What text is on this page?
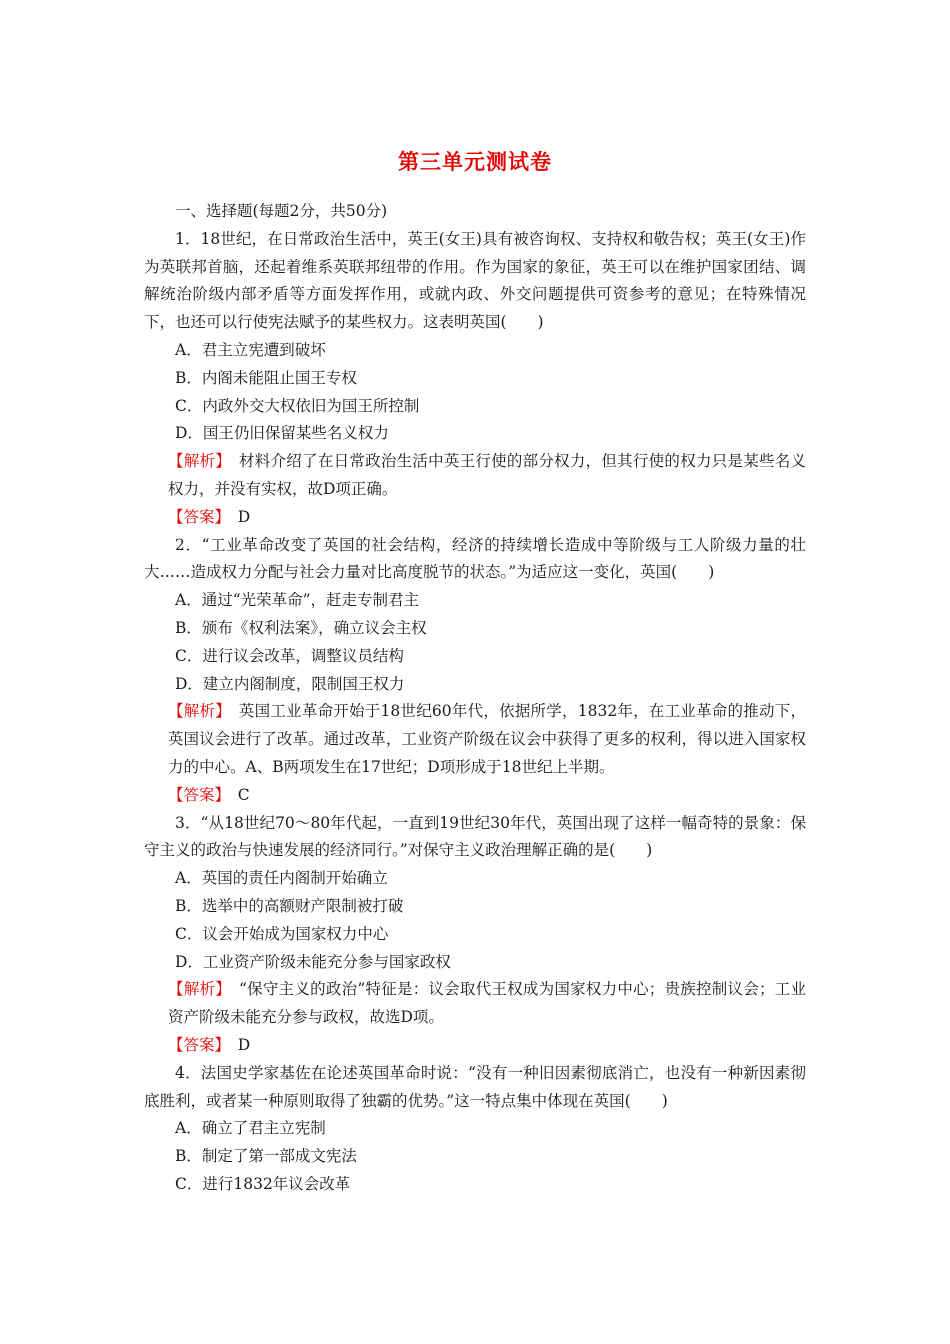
第三单元测试卷

一、选择题(每题2分，共50分)

1．18世纪，在日常政治生活中，英王(女王)具有被咨询权、支持权和敬告权；英王(女王)作为英联邦首脑，还起着维系英联邦纽带的作用。作为国家的象征，英王可以在维护国家团结、调解统治阶级内部矛盾等方面发挥作用，或就内政、外交问题提供可资参考的意见；在特殊情况下，也还可以行使宪法赋予的某些权力。这表明英国(　　)

A．君主立宪遭到破坏

B．内阁未能阻止国王专权

C．内政外交大权依旧为国王所控制

D．国王仍旧保留某些名义权力

【解析】　 材料介绍了在日常政治生活中英王行使的部分权力，但其行使的权力只是某些名义权力，并没有实权，故D项正确。

【答案】　 D

2．“工业革命改变了英国的社会结构，经济的持续增长造成中等阶级与工人阶级力量的壮大……造成权力分配与社会力量对比高度脱节的状态。”为适应这一变化，英国(　　)

A．通过“光荣革命”，赶走专制君主

B．颁布《权利法案》，确立议会主权

C．进行议会改革，调整议员结构

D．建立内阁制度，限制国王权力

【解析】　 英国工业革命开始于18世纪60年代，依据所学，1832年，在工业革命的推动下，英国议会进行了改革。通过改革，工业资产阶级在议会中获得了更多的权利，得以进入国家权力的中心。A、B两项发生在17世纪；D项形成于18世纪上半期。

【答案】　 C

3．“从18世纪70～80年代起，一直到19世纪30年代，英国出现了这样一幅奇特的景象：保守主义的政治与快速发展的经济同行。”对保守主义政治理解正确的是(　　)

A．英国的责任内阁制开始确立

B．选举中的高额财产限制被打破

C．议会开始成为国家权力中心

D．工业资产阶级未能充分参与国家政权

【解析】　 “保守主义的政治”特征是：议会取代王权成为国家权力中心；贵族控制议会；工业资产阶级未能充分参与政权，故选D项。

【答案】　 D

4．法国史学家基佐在论述英国革命时说：“没有一种旧因素彻底消亡，也没有一种新因素彻底胜利，或者某一种原则取得了独霸的优势。”这一特点集中体现在英国(　　)

A．确立了君主立宪制

B．制定了第一部成文宪法

C．进行1832年议会改革
